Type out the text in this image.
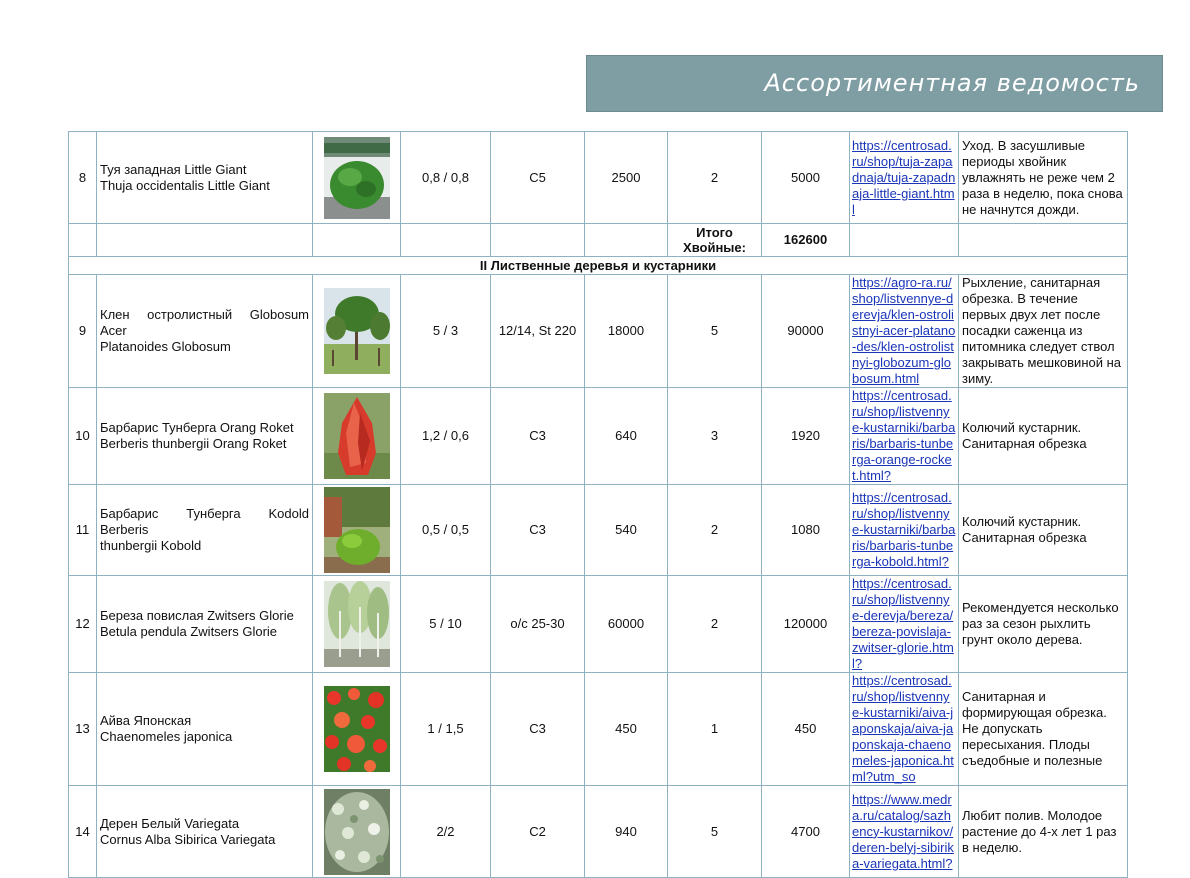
Ассортиментная ведомость
8	Туя западная Little Giant
Thuja occidentalis Little Giant		0,8 / 0,8	C5	2500	2	5000	https://centrosad.ru/shop/tuja-zapadnaja/tuja-zapadnaja-little-giant.html	Уход. В засушливые периоды хвойник увлажнять не реже чем 2 раза в неделю, пока снова не начнутся дожди.
						Итого Хвойные:	162600		
II Лиственные деревья и кустарники									
9	Клен остролистный Globosum Acer
Platanoides Globosum		5 / 3	12/14, St 220	18000	5	90000	https://agro-ra.ru/shop/listvennye-derevja/klen-ostrolistnyi-acer-platano-des/klen-ostrolistnyi-globozum-globosum.html	Рыхление, санитарная обрезка. В течение первых двух лет после посадки саженца из питомника следует ствол закрывать мешковиной на зиму.
10	Барбарис Тунберга Orang Roket
Berberis thunbergii Orang Roket		1,2 / 0,6	C3	640	3	1920	https://centrosad.ru/shop/listvennye-kustarniki/barbaris/barbaris-tunberga-orange-rocket.html?	Колючий кустарник. Санитарная обрезка
11	Барбарис Тунберга Kodold Berberis
thunbergii Kobold		0,5 / 0,5	C3	540	2	1080	https://centrosad.ru/shop/listvennye-kustarniki/barbaris/barbaris-tunberga-kobold.html?	Колючий кустарник. Санитарная обрезка
12	Береза повислая Zwitsers Glorie
Betula pendula Zwitsers Glorie		5 / 10	о/с 25-30	60000	2	120000	https://centrosad.ru/shop/listvennye-derevja/bereza/bereza-povislaja-zwitser-glorie.html?	Рекомендуется несколько раз за сезон рыхлить грунт около дерева.
13	Айва Японская
Chaenomeles japonica		1 / 1,5	C3	450	1	450	https://centrosad.ru/shop/listvennye-kustarniki/aiva-japonskaja/aiva-japonskaja-chaenomeles-japonica.html?utm_so	Санитарная и формирующая обрезка. Не допускать пересыхания. Плоды съедобные и полезные
14	Дерен Белый Variegata
Cornus Alba Sibirica Variegata		2/2	C2	940	5	4700	https://www.medra.ru/catalog/sazhency-kustarnikov/deren-belyj-sibirika-variegata.html?	Любит полив. Молодое растение до 4-х лет 1 раз в неделю.
